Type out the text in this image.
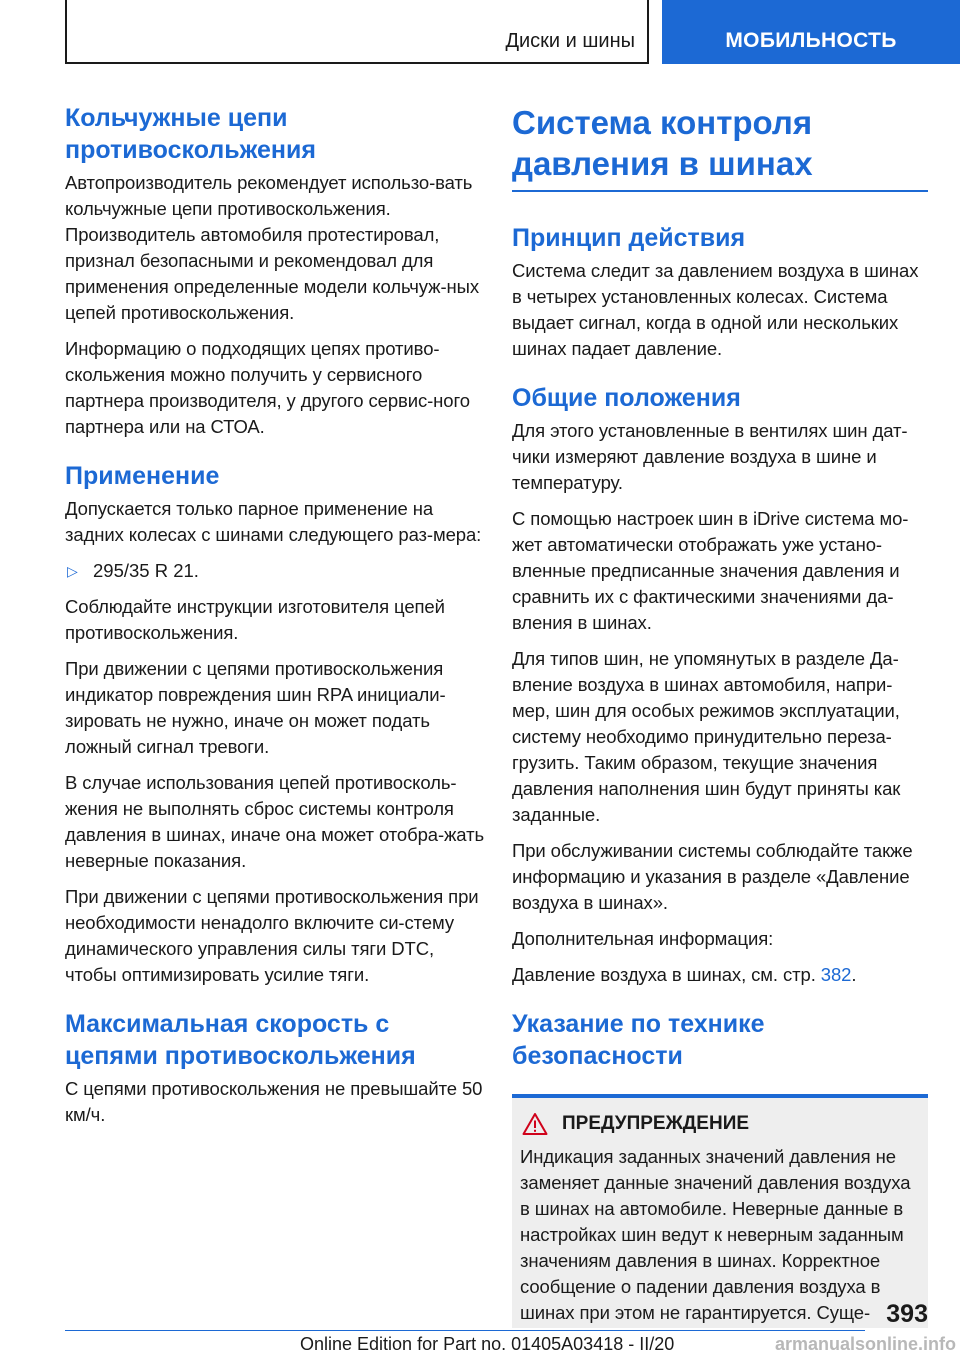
Диски и шины	МОБИЛЬНОСТЬ
Кольчужные цепи противоскольжения

Автопроизводитель рекомендует использо-вать кольчужные цепи противоскольжения. Производитель автомобиля протестировал, признал безопасными и рекомендовал для применения определенные модели кольчуж-ных цепей противоскольжения.

Информацию о подходящих цепях противо-скольжения можно получить у сервисного партнера производителя, у другого сервис-ного партнера или на СТОА.

Применение

Допускается только парное применение на задних колесах с шинами следующего раз-мера:

▷ 295/35 R 21.

Соблюдайте инструкции изготовителя цепей противоскольжения.

При движении с цепями противоскольжения индикатор повреждения шин RPA инициали-зировать не нужно, иначе он может подать ложный сигнал тревоги.

В случае использования цепей противосколь-жения не выполнять сброс системы контроля давления в шинах, иначе она может отобра-жать неверные показания.

При движении с цепями противоскольжения при необходимости ненадолго включите си-стему динамического управления силы тяги DTC, чтобы оптимизировать усилие тяги.

Максимальная скорость с цепями противоскольжения

С цепями противоскольжения не превышайте 50 км/ч.

Система контроля давления в шинах
Принцип действия

Система следит за давлением воздуха в шинах в четырех установленных колесах. Система выдает сигнал, когда в одной или нескольких шинах падает давление.

Общие положения

Для этого установленные в вентилях шин дат-чики измеряют давление воздуха в шине и температуру.

С помощью настроек шин в iDrive система мо-жет автоматически отображать уже устано-вленные предписанные значения давления и сравнить их с фактическими значениями да-вления в шинах.

Для типов шин, не упомянутых в разделе Да-вление воздуха в шинах автомобиля, напри-мер, шин для особых режимов эксплуатации, систему необходимо принудительно переза-грузить. Таким образом, текущие значения давления наполнения шин будут приняты как заданные.

При обслуживании системы соблюдайте также информацию и указания в разделе «Давление воздуха в шинах».

Дополнительная информация:

Давление воздуха в шинах, см. стр. 382.

Указание по технике безопасности
ПРЕДУПРЕЖДЕНИЕ

Индикация заданных значений давления не заменяет данные значений давления воздуха в шинах на автомобиле. Неверные данные в настройках шин ведут к неверным заданным значениям давления в шинах. Корректное сообщение о падении давления воздуха в шинах при этом не гарантируется. Суще- 393
Online Edition for Part no. 01405A03418 - II/20	armanualsonline.info
